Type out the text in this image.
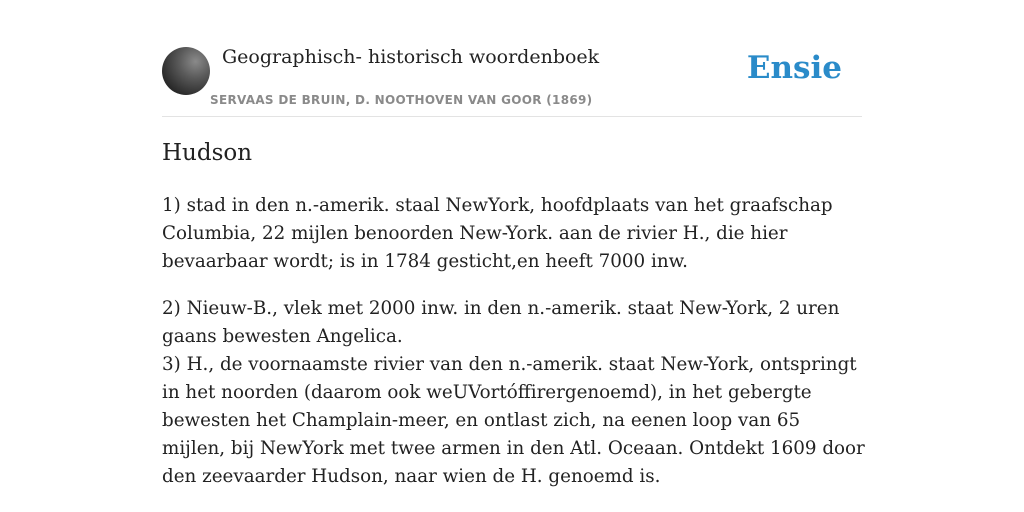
Geographisch- historisch woordenboek
SERVAAS DE BRUIN, D. NOOTHOVEN VAN GOOR (1869)
Ensie
Hudson

1) stad in den n.-amerik. staal NewYork, hoofdplaats van het graafschap Columbia, 22 mijlen benoorden New-York. aan de rivier H., die hier bevaarbaar wordt; is in 1784 gesticht,en heeft 7000 inw.

2) Nieuw-B., vlek met 2000 inw. in den n.-amerik. staat New-York, 2 uren gaans bewesten Angelica.

3) H., de voornaamste rivier van den n.-amerik. staat New-York, ontspringt in het noorden (daarom ook weUVortóffirergenoemd), in het gebergte bewesten het Champlain-meer, en ontlast zich, na eenen loop van 65 mijlen, bij NewYork met twee armen in den Atl. Oceaan. Ontdekt 1609 door den zeevaarder Hudson, naar wien de H. genoemd is.
